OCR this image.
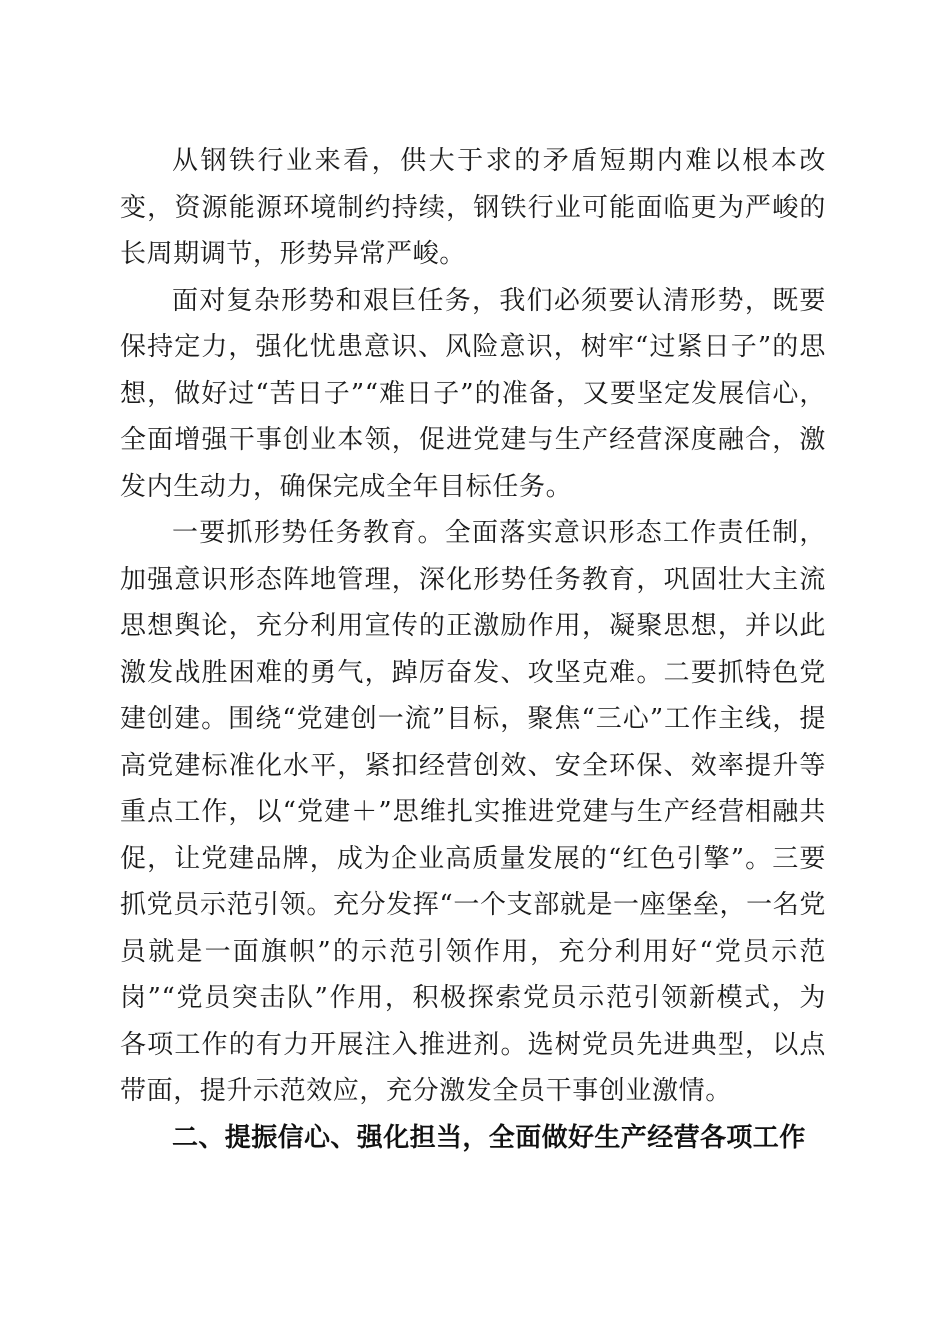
从钢铁行业来看，供大于求的矛盾短期内难以根本改变，资源能源环境制约持续，钢铁行业可能面临更为严峻的长周期调节，形势异常严峻。

面对复杂形势和艰巨任务，我们必须要认清形势，既要保持定力，强化忧患意识、风险意识，树牢“过紧日子”的思想，做好过“苦日子”“难日子”的准备，又要坚定发展信心，全面增强干事创业本领，促进党建与生产经营深度融合，激发内生动力，确保完成全年目标任务。

一要抓形势任务教育。全面落实意识形态工作责任制，加强意识形态阵地管理，深化形势任务教育，巩固壮大主流思想舆论，充分利用宣传的正激励作用，凝聚思想，并以此激发战胜困难的勇气，踔厉奋发、攻坚克难。二要抓特色党建创建。围绕“党建创一流”目标，聚焦“三心”工作主线，提高党建标准化水平，紧扣经营创效、安全环保、效率提升等重点工作，以“党建＋”思维扎实推进党建与生产经营相融共促，让党建品牌，成为企业高质量发展的“红色引擎”。三要抓党员示范引领。充分发挥“一个支部就是一座堡垒，一名党员就是一面旗帜”的示范引领作用，充分利用好“党员示范岗”“党员突击队”作用，积极探索党员示范引领新模式，为各项工作的有力开展注入推进剂。选树党员先进典型，以点带面，提升示范效应，充分激发全员干事创业激情。

二、提振信心、强化担当，全面做好生产经营各项工作
